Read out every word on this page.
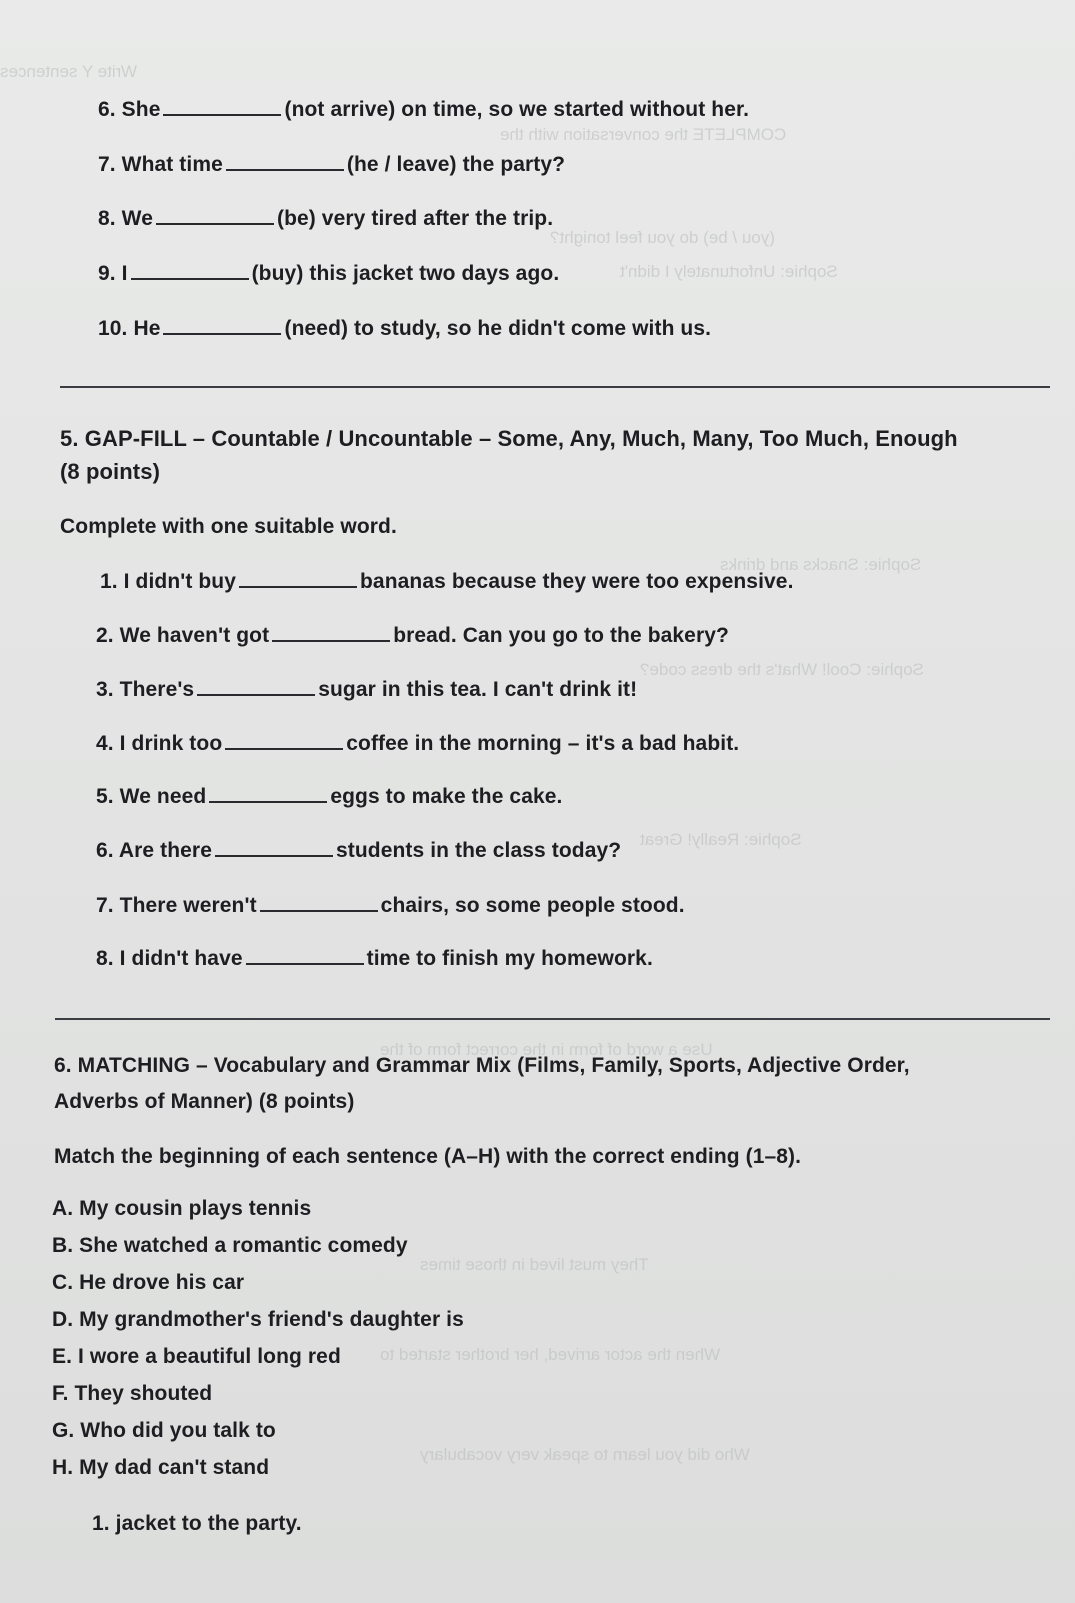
Write Y sentences
COMPLETE the conversation with the
(you / be) do you feel tonight?
Sophie: Unfortunately I didn't
Sophie: Snacks and drinks
Sophie: Cool! What's the dress code?
Sophie: Really! Great
Use a word of form in the correct form of the
They must lived in those times
When the actor arrived, her brother started to
Who did you learn to speak very vocabulary
6. She	(not arrive) on time, so we started without her.
7. What time	(he / leave) the party?
8. We	(be) very tired after the trip.
9. I	(buy) this jacket two days ago.
10. He	(need) to study, so he didn't come with us.
5. GAP-FILL – Countable / Uncountable – Some, Any, Much, Many, Too Much, Enough
(8 points)
Complete with one suitable word.
1. I didn't buy	bananas because they were too expensive.
2. We haven't got	bread. Can you go to the bakery?
3. There's	sugar in this tea. I can't drink it!
4. I drink too	coffee in the morning – it's a bad habit.
5. We need	eggs to make the cake.
6. Are there	students in the class today?
7. There weren't	chairs, so some people stood.
8. I didn't have	time to finish my homework.
6. MATCHING – Vocabulary and Grammar Mix (Films, Family, Sports, Adjective Order,
Adverbs of Manner) (8 points)
Match the beginning of each sentence (A–H) with the correct ending (1–8).
A. My cousin plays tennis
B. She watched a romantic comedy
C. He drove his car
D. My grandmother's friend's daughter is
E. I wore a beautiful long red
F. They shouted
G. Who did you talk to
H. My dad can't stand
1. jacket to the party.
